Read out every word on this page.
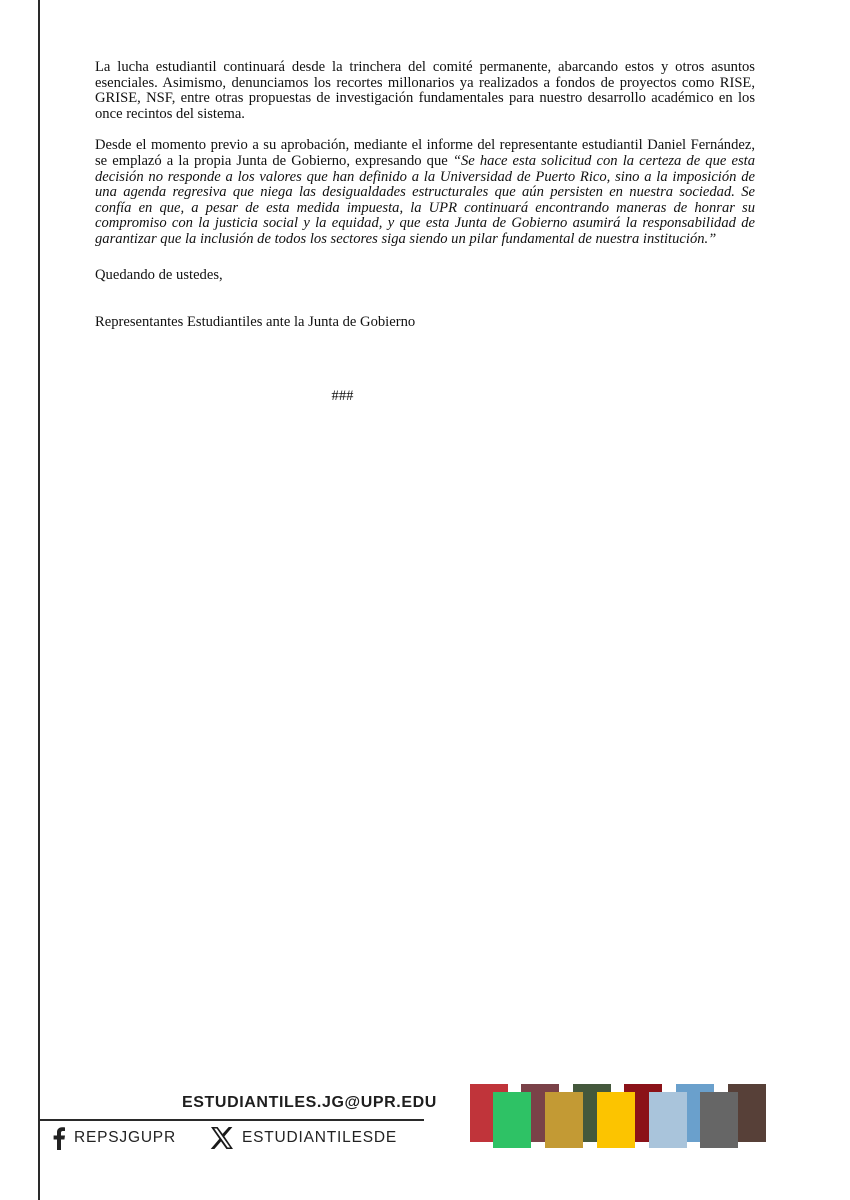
La lucha estudiantil continuará desde la trinchera del comité permanente, abarcando estos y otros asuntos esenciales. Asimismo, denunciamos los recortes millonarios ya realizados a fondos de proyectos como RISE, GRISE, NSF, entre otras propuestas de investigación fundamentales para nuestro desarrollo académico en los once recintos del sistema.

Desde el momento previo a su aprobación, mediante el informe del representante estudiantil Daniel Fernández, se emplazó a la propia Junta de Gobierno, expresando que “Se hace esta solicitud con la certeza de que esta decisión no responde a los valores que han definido a la Universidad de Puerto Rico, sino a la imposición de una agenda regresiva que niega las desigualdades estructurales que aún persisten en nuestra sociedad. Se confía en que, a pesar de esta medida impuesta, la UPR continuará encontrando maneras de honrar su compromiso con la justicia social y la equidad, y que esta Junta de Gobierno asumirá la responsabilidad de garantizar que la inclusión de todos los sectores siga siendo un pilar fundamental de nuestra institución.”

Quedando de ustedes,

Representantes Estudiantiles ante la Junta de Gobierno

###
ESTUDIANTILES.JG@UPR.EDU
REPSJGUPR	ESTUDIANTILESDE
